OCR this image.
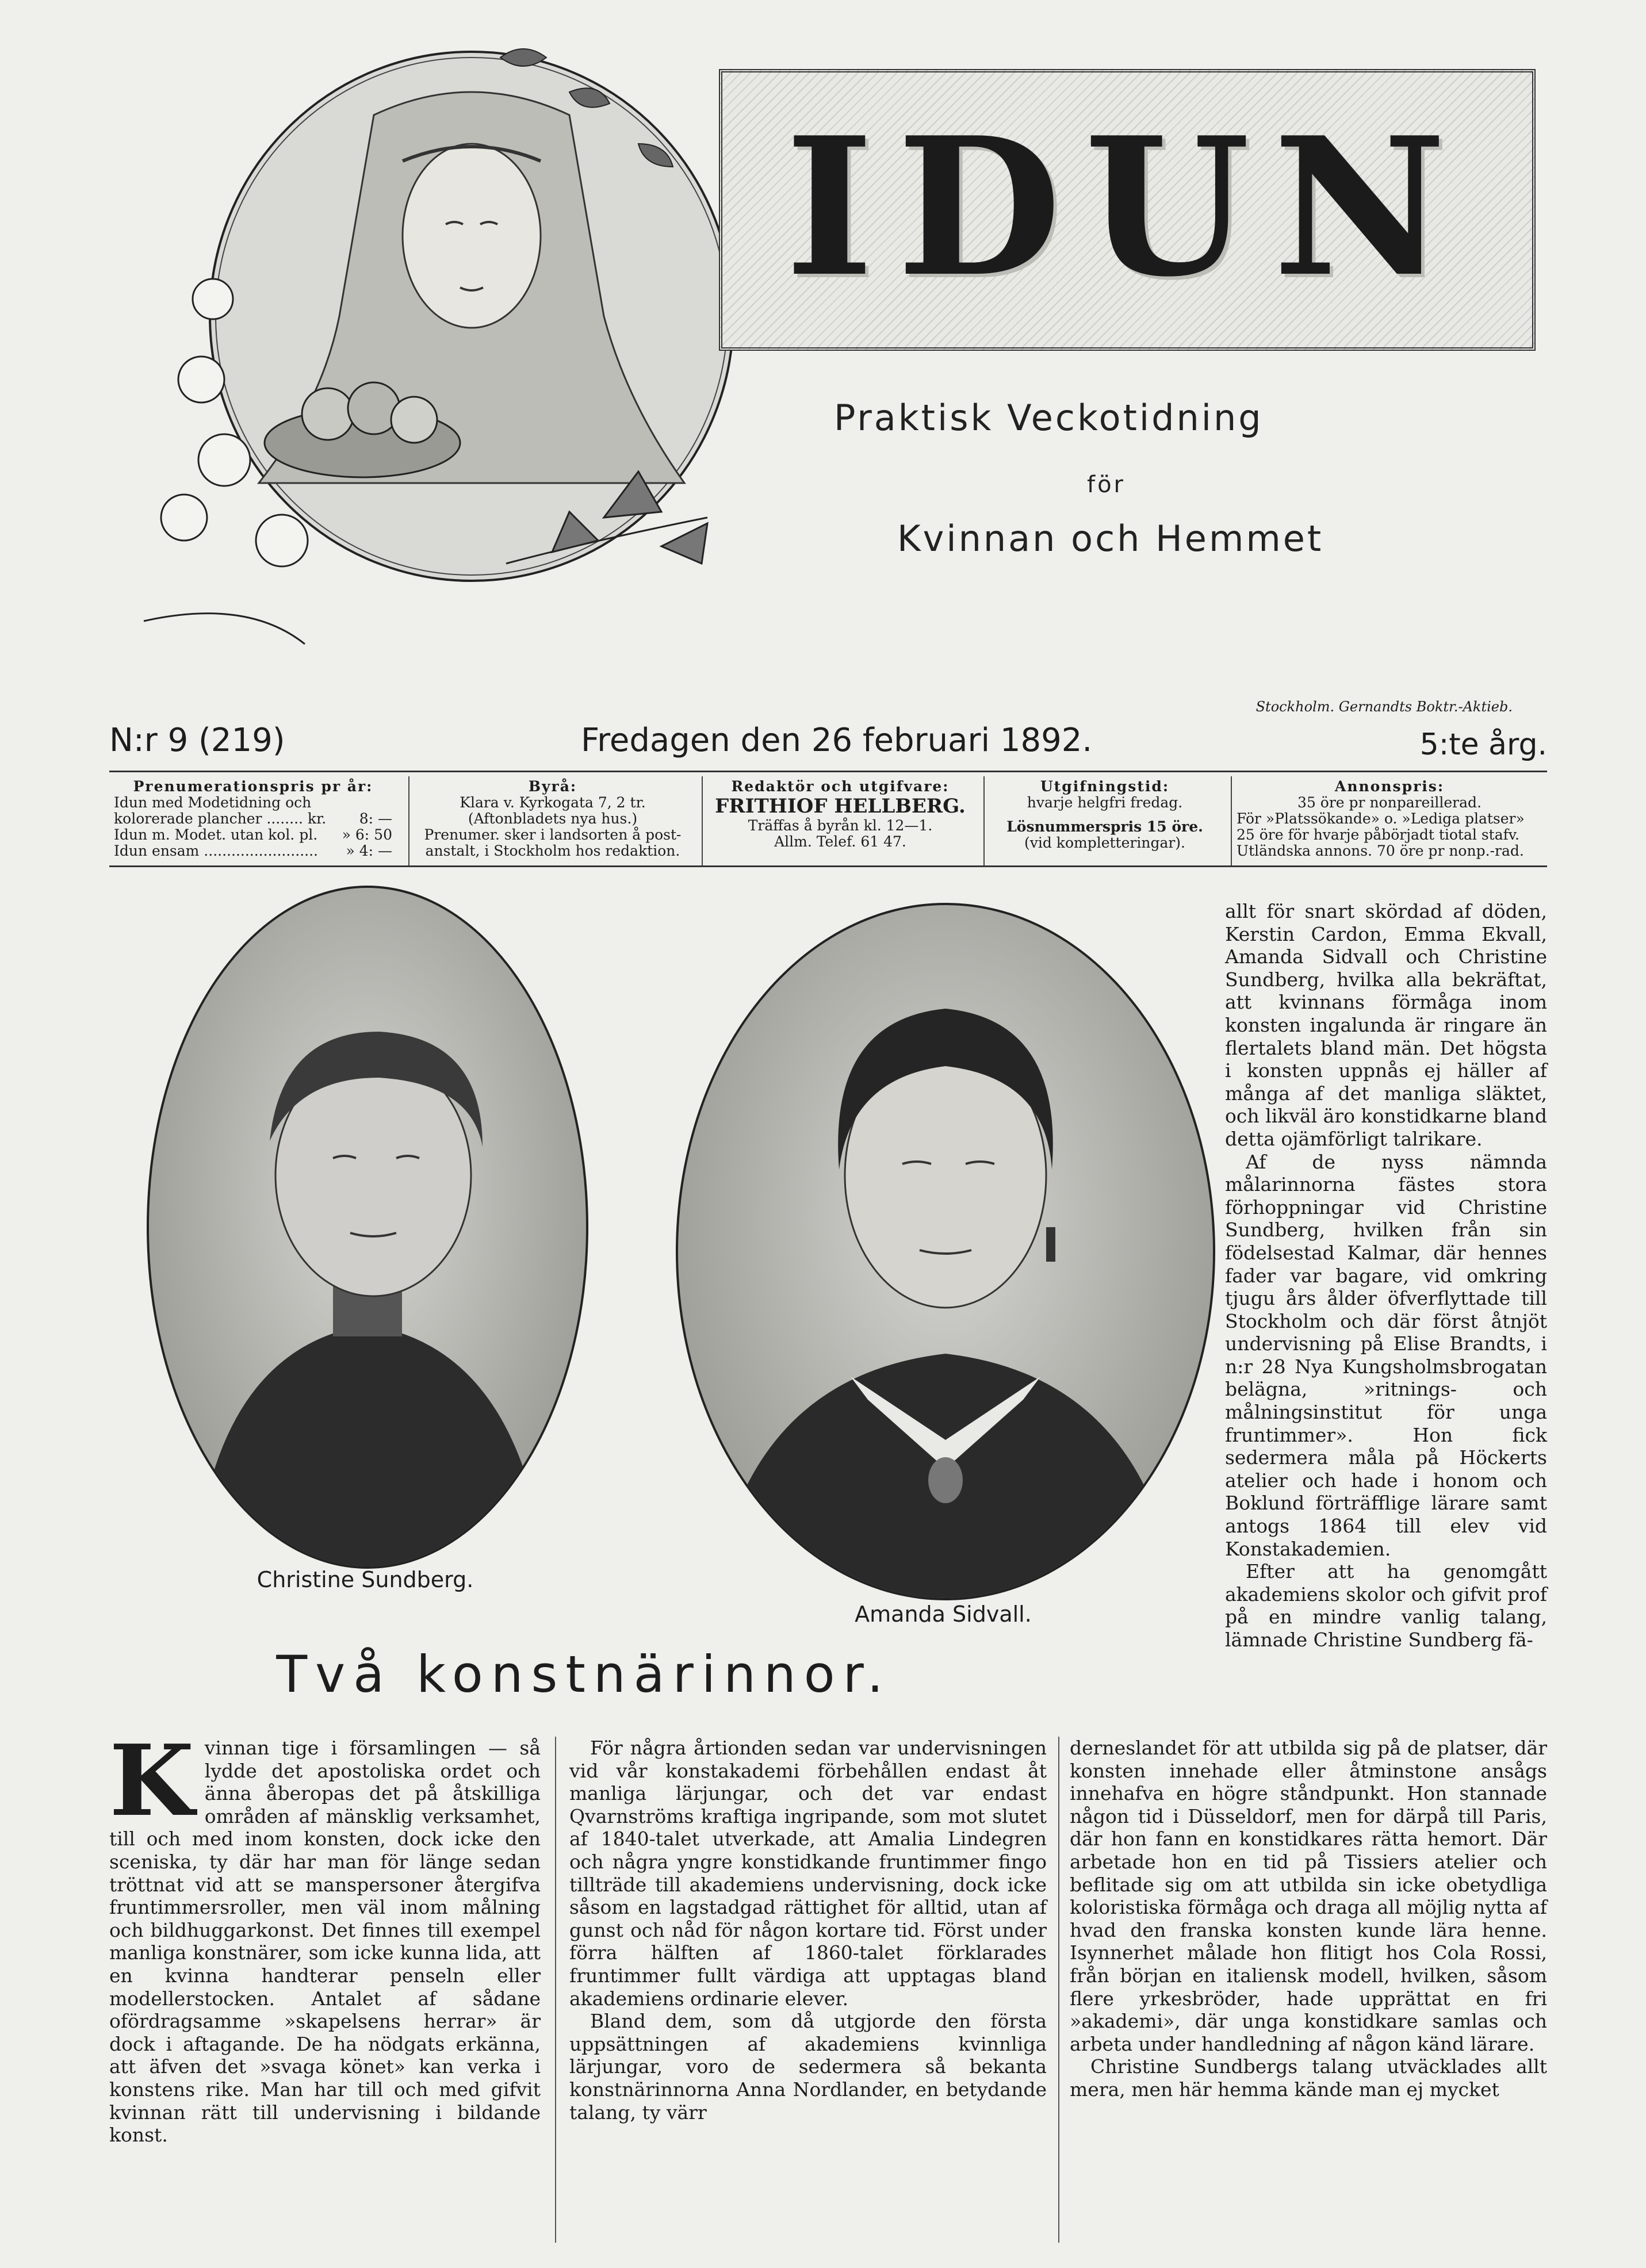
IDUN
Praktisk Veckotidning
för
Kvinnan och Hemmet
Stockholm. Gernandts Boktr.-Aktieb.
N:r 9 (219)	Fredagen den 26 februari 1892.	5:te årg.
Prenumerationspris pr år:
Idun med Modetidning och
kolorerade plancher ........ kr. 8: —
Idun m. Modet. utan kol. pl. » 6: 50
Idun ensam ......................... » 4: —
Byrå:
Klara v. Kyrkogata 7, 2 tr.
(Aftonbladets nya hus.)
Prenumer. sker i landsorten å post-
anstalt, i Stockholm hos redaktion.
Redaktör och utgifvare:
FRITHIOF HELLBERG.
Träffas å byrån kl. 12—1.
Allm. Telef. 61 47.
Utgifningstid:
hvarje helgfri fredag.
Lösnummerspris 15 öre.
(vid kompletteringar).
Annonspris:
35 öre pr nonpareillerad.
För »Platssökande» o. »Lediga platser»
25 öre för hvarje påbörjadt tiotal stafv.
Utländska annons. 70 öre pr nonp.-rad.
Christine Sundberg.
Amanda Sidvall.
Två konstnärinnor.

allt för snart skördad af döden, Kerstin Cardon, Emma Ekvall, Amanda Sidvall och Christine Sundberg, hvilka alla bekräftat, att kvinnans förmåga inom konsten ingalunda är ringare än flertalets bland män. Det högsta i konsten uppnås ej häller af många af det manliga släktet, och likväl äro konstidkarne bland detta ojämförligt talrikare.

Af de nyss nämnda målarinnorna fästes stora förhoppningar vid Christine Sundberg, hvilken från sin födelsestad Kalmar, där hennes fader var bagare, vid omkring tjugu års ålder öfverflyttade till Stockholm och där först åtnjöt undervisning på Elise Brandts, i n:r 28 Nya Kungsholmsbrogatan belägna, »ritnings- och målningsinstitut för unga fruntimmer». Hon fick sedermera måla på Höckerts atelier och hade i honom och Boklund förträfflige lärare samt antogs 1864 till elev vid Konstakademien.

Efter att ha genomgått akademiens skolor och gifvit prof på en mindre vanlig talang, lämnade Christine Sundberg fä-

K vinnan tige i församlingen — så lydde det apostoliska ordet och änna åberopas det på åtskilliga områden af mänsklig verksamhet, till och med inom konsten, dock icke den sceniska, ty där har man för länge sedan tröttnat vid att se manspersoner återgifva fruntimmersroller, men väl inom målning och bildhuggarkonst. Det finnes till exempel manliga konstnärer, som icke kunna lida, att en kvinna handterar penseln eller modellerstocken. Antalet af sådane ofördragsamme »skapelsens herrar» är dock i aftagande. De ha nödgats erkänna, att äfven det »svaga könet» kan verka i konstens rike. Man har till och med gifvit kvinnan rätt till undervisning i bildande konst.

För några årtionden sedan var undervisningen vid vår konstakademi förbehållen endast åt manliga lärjungar, och det var endast Qvarnströms kraftiga ingripande, som mot slutet af 1840-talet utverkade, att Amalia Lindegren och några yngre konstidkande fruntimmer fingo tillträde till akademiens undervisning, dock icke såsom en lagstadgad rättighet för alltid, utan af gunst och nåd för någon kortare tid. Först under förra hälften af 1860-talet förklarades fruntimmer fullt värdiga att upptagas bland akademiens ordinarie elever.

Bland dem, som då utgjorde den första uppsättningen af akademiens kvinnliga lärjungar, voro de sedermera så bekanta konstnärinnorna Anna Nordlander, en betydande talang, ty värr

derneslandet för att utbilda sig på de platser, där konsten innehade eller åtminstone ansågs innehafva en högre ståndpunkt. Hon stannade någon tid i Düsseldorf, men for därpå till Paris, där hon fann en konstidkares rätta hemort. Där arbetade hon en tid på Tissiers atelier och beflitade sig om att utbilda sin icke obetydliga koloristiska förmåga och draga all möjlig nytta af hvad den franska konsten kunde lära henne. Isynnerhet målade hon flitigt hos Cola Rossi, från början en italiensk modell, hvilken, såsom flere yrkesbröder, hade upprättat en fri »akademi», där unga konstidkare samlas och arbeta under handledning af någon känd lärare.

Christine Sundbergs talang utväcklades allt mera, men här hemma kände man ej mycket
